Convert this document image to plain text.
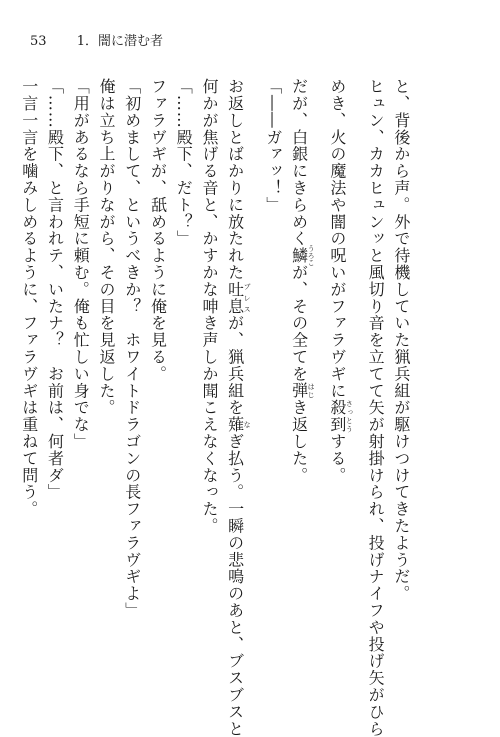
53 1．闇に潜む者

と、背後から声。外で待機していた猟兵組が駆けつけてきたようだ。

ヒュン、カカヒュンッと風切り音を立てて矢が射掛けられ、投げナイフや投げ矢がひら

めき、火の魔法や闇の呪いがファラヴギに殺到さっとうする。

だが、白銀にきらめく鱗うろこが、その全てを弾はじき返した。

「――ガァッ！」

お返しとばかりに放たれた吐息ブレスが、猟兵組を薙なぎ払う。一瞬の悲鳴のあと、ブスブスと

何かが焦げる音と、かすかな呻き声しか聞こえなくなった。

「……殿下、だト？」

ファラヴギが、舐めるように俺を見る。

「初めまして、というべきか？　ホワイトドラゴンの長ファラヴギよ」

俺は立ち上がりながら、その目を見返した。

「用があるなら手短に頼む。俺も忙しい身でな」

「……殿下、と言われテ、いたナ？　お前は、何者ダ」

一言一言を噛みしめるように、ファラヴギは重ねて問う。
